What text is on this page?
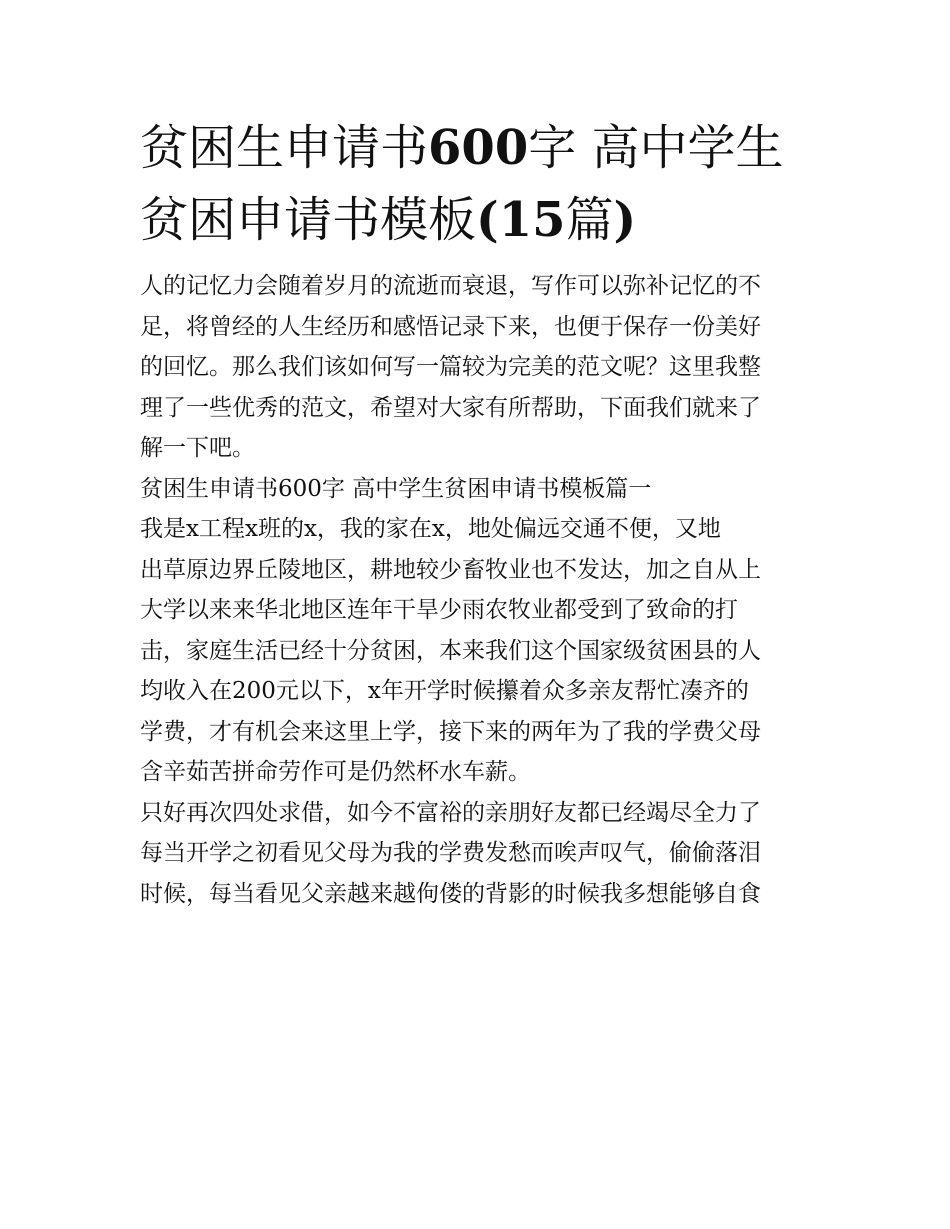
贫困生申请书600字 高中学生
贫困申请书模板(15篇)

人的记忆力会随着岁月的流逝而衰退，写作可以弥补记忆的不
足，将曾经的人生经历和感悟记录下来，也便于保存一份美好
的回忆。那么我们该如何写一篇较为完美的范文呢？这里我整
理了一些优秀的范文，希望对大家有所帮助，下面我们就来了
解一下吧。

贫困生申请书600字 高中学生贫困申请书模板篇一

我是x工程x班的x，我的家在x，地处偏远交通不便，又地
出草原边界丘陵地区，耕地较少畜牧业也不发达，加之自从上
大学以来来华北地区连年干旱少雨农牧业都受到了致命的打
击，家庭生活已经十分贫困，本来我们这个国家级贫困县的人
均收入在200元以下，x年开学时候攥着众多亲友帮忙凑齐的
学费，才有机会来这里上学，接下来的两年为了我的学费父母
含辛茹苦拼命劳作可是仍然杯水车薪。

只好再次四处求借，如今不富裕的亲朋好友都已经竭尽全力了
每当开学之初看见父母为我的学费发愁而唉声叹气，偷偷落泪
时候，每当看见父亲越来越佝偻的背影的时候我多想能够自食
